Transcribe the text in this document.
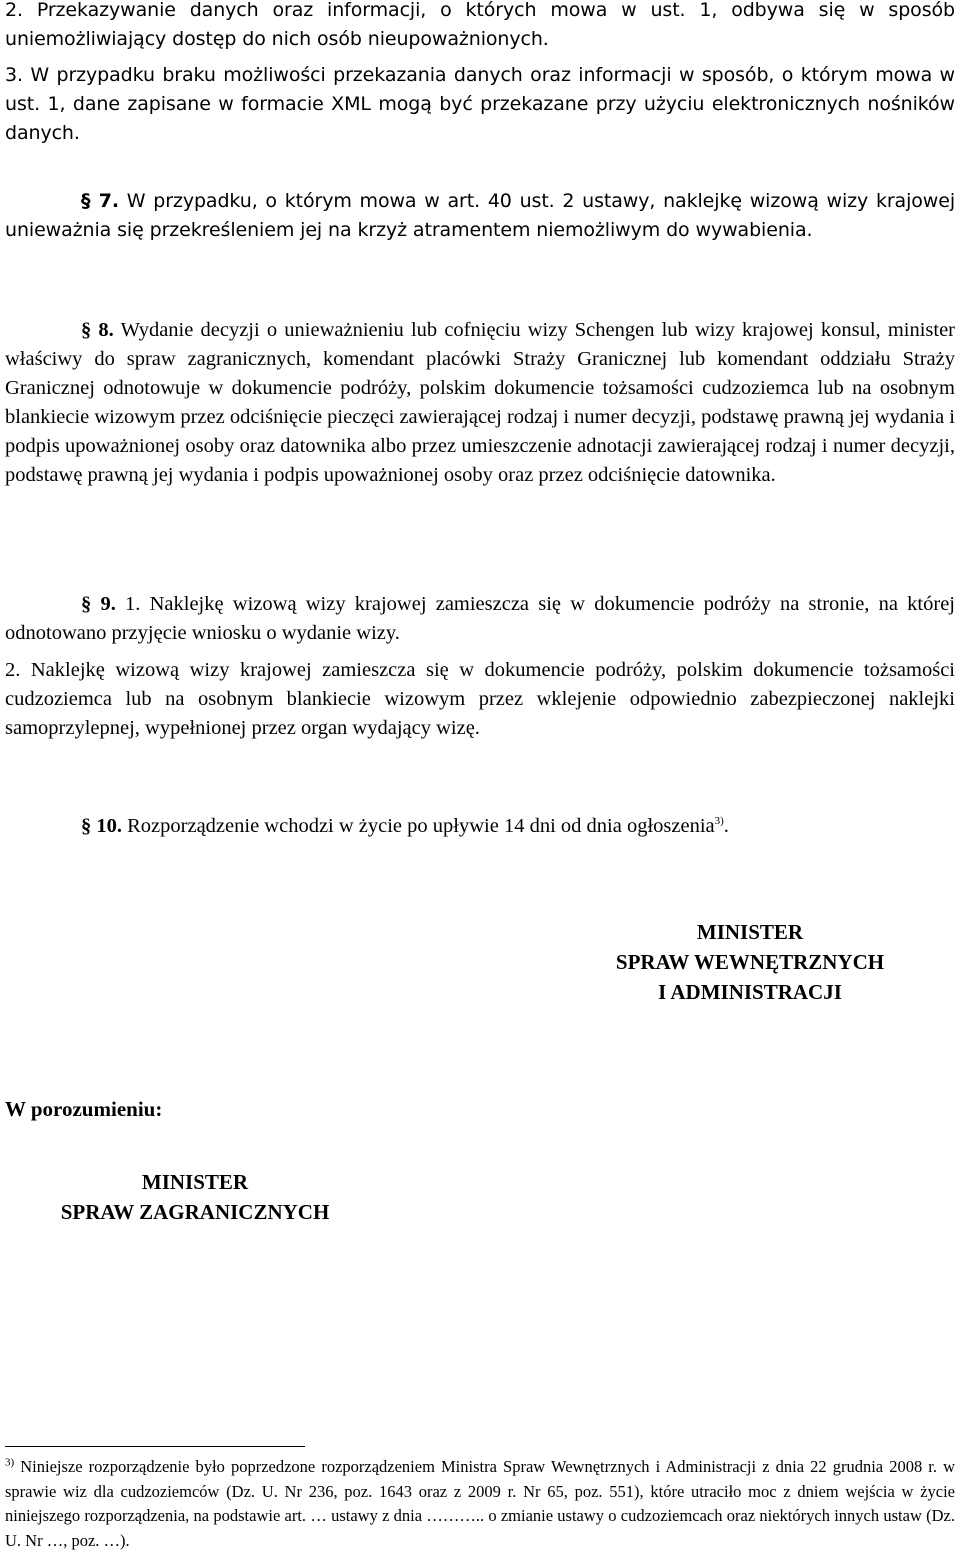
2. Przekazywanie danych oraz informacji, o których mowa w ust. 1, odbywa się w sposób uniemożliwiający dostęp do nich osób nieupoważnionych.

3. W przypadku braku możliwości przekazania danych oraz informacji w sposób, o którym mowa w ust. 1, dane zapisane w formacie XML mogą być przekazane przy użyciu elektronicznych nośników danych.

§ 7. W przypadku, o którym mowa w art. 40 ust. 2 ustawy, naklejkę wizową wizy krajowej unieważnia się przekreśleniem jej na krzyż atramentem niemożliwym do wywabienia.

§ 8. Wydanie decyzji o unieważnieniu lub cofnięciu wizy Schengen lub wizy krajowej konsul, minister właściwy do spraw zagranicznych, komendant placówki Straży Granicznej lub komendant oddziału Straży Granicznej odnotowuje w dokumencie podróży, polskim dokumencie tożsamości cudzoziemca lub na osobnym blankiecie wizowym przez odciśnięcie pieczęci zawierającej rodzaj i numer decyzji, podstawę prawną jej wydania i podpis upoważnionej osoby oraz datownika albo przez umieszczenie adnotacji zawierającej rodzaj i numer decyzji, podstawę prawną jej wydania i podpis upoważnionej osoby oraz przez odciśnięcie datownika.

§ 9. 1. Naklejkę wizową wizy krajowej zamieszcza się w dokumencie podróży na stronie, na której odnotowano przyjęcie wniosku o wydanie wizy.

2. Naklejkę wizową wizy krajowej zamieszcza się w dokumencie podróży, polskim dokumencie tożsamości cudzoziemca lub na osobnym blankiecie wizowym przez wklejenie odpowiednio zabezpieczonej naklejki samoprzylepnej, wypełnionej przez organ wydający wizę.

§ 10. Rozporządzenie wchodzi w życie po upływie 14 dni od dnia ogłoszenia$^{3)}$.

MINISTER
SPRAW WEWNĘTRZNYCH
I ADMINISTRACJI

W porozumieniu:

MINISTER
SPRAW ZAGRANICZNYCH

$^{3)}$ Niniejsze rozporządzenie było poprzedzone rozporządzeniem Ministra Spraw Wewnętrznych i Administracji z dnia 22 grudnia 2008 r. w sprawie wiz dla cudzoziemców (Dz. U. Nr 236, poz. 1643 oraz z 2009 r. Nr 65, poz. 551), które utraciło moc z dniem wejścia w życie niniejszego rozporządzenia, na podstawie art. … ustawy z dnia ……….. o zmianie ustawy o cudzoziemcach oraz niektórych innych ustaw (Dz. U. Nr …, poz. …).
